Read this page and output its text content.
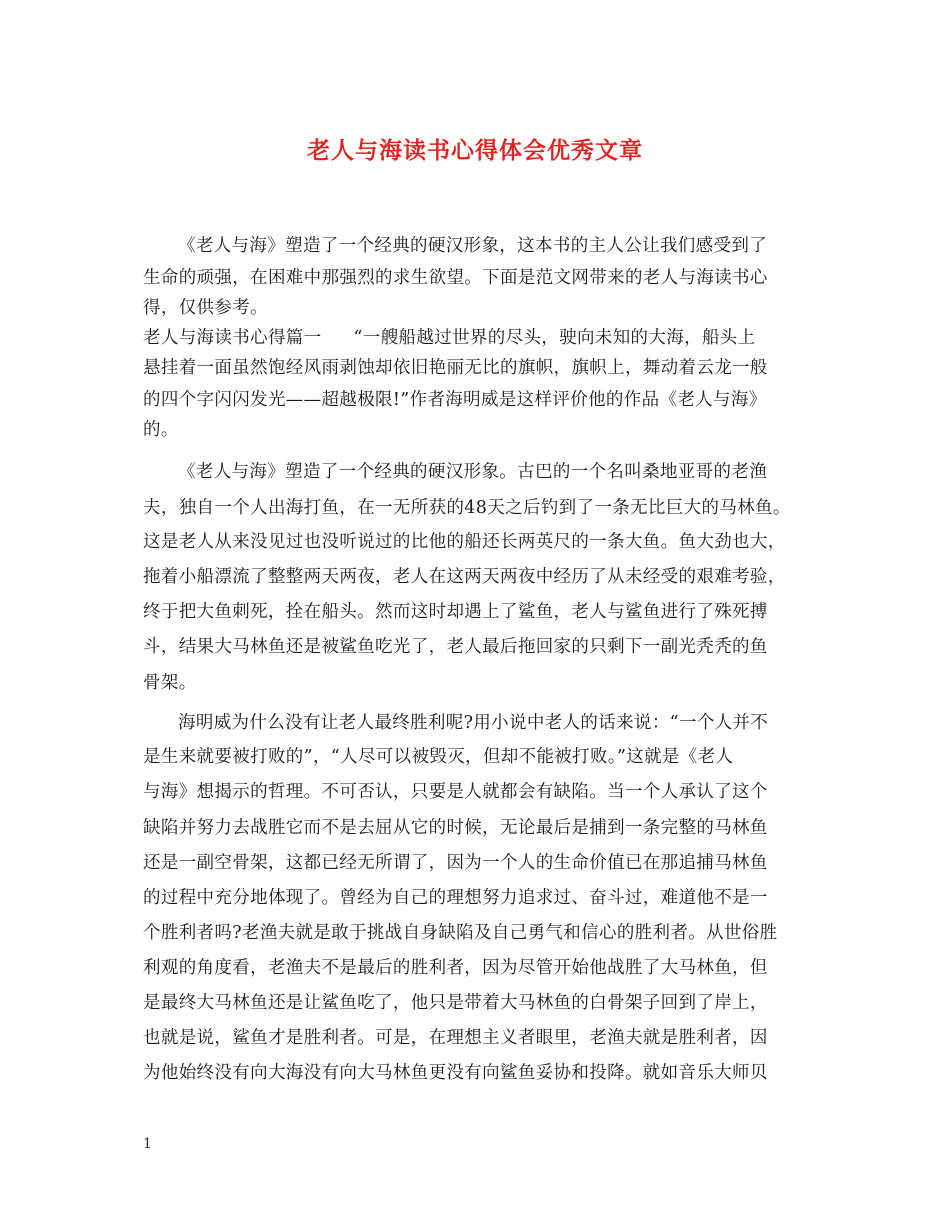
老人与海读书心得体会优秀文章
《老人与海》塑造了一个经典的硬汉形象，这本书的主人公让我们感受到了
生命的顽强，在困难中那强烈的求生欲望。下面是范文网带来的老人与海读书心
得，仅供参考。
老人与海读书心得篇一 “一艘船越过世界的尽头，驶向未知的大海，船头上
悬挂着一面虽然饱经风雨剥蚀却依旧艳丽无比的旗帜，旗帜上，舞动着云龙一般
的四个字闪闪发光——超越极限!”作者海明威是这样评价他的作品《老人与海》
的。
《老人与海》塑造了一个经典的硬汉形象。古巴的一个名叫桑地亚哥的老渔
夫，独自一个人出海打鱼，在一无所获的48天之后钓到了一条无比巨大的马林鱼。
这是老人从来没见过也没听说过的比他的船还长两英尺的一条大鱼。鱼大劲也大，
拖着小船漂流了整整两天两夜，老人在这两天两夜中经历了从未经受的艰难考验，
终于把大鱼刺死，拴在船头。然而这时却遇上了鲨鱼，老人与鲨鱼进行了殊死搏
斗，结果大马林鱼还是被鲨鱼吃光了，老人最后拖回家的只剩下一副光秃秃的鱼
骨架。
海明威为什么没有让老人最终胜利呢?用小说中老人的话来说：“一个人并不
是生来就要被打败的”，“人尽可以被毁灭，但却不能被打败。”这就是《老人
与海》想揭示的哲理。不可否认，只要是人就都会有缺陷。当一个人承认了这个
缺陷并努力去战胜它而不是去屈从它的时候，无论最后是捕到一条完整的马林鱼
还是一副空骨架，这都已经无所谓了，因为一个人的生命价值已在那追捕马林鱼
的过程中充分地体现了。曾经为自己的理想努力追求过、奋斗过，难道他不是一
个胜利者吗?老渔夫就是敢于挑战自身缺陷及自己勇气和信心的胜利者。从世俗胜
利观的角度看，老渔夫不是最后的胜利者，因为尽管开始他战胜了大马林鱼，但
是最终大马林鱼还是让鲨鱼吃了，他只是带着大马林鱼的白骨架子回到了岸上，
也就是说，鲨鱼才是胜利者。可是，在理想主义者眼里，老渔夫就是胜利者，因
为他始终没有向大海没有向大马林鱼更没有向鲨鱼妥协和投降。就如音乐大师贝
1
